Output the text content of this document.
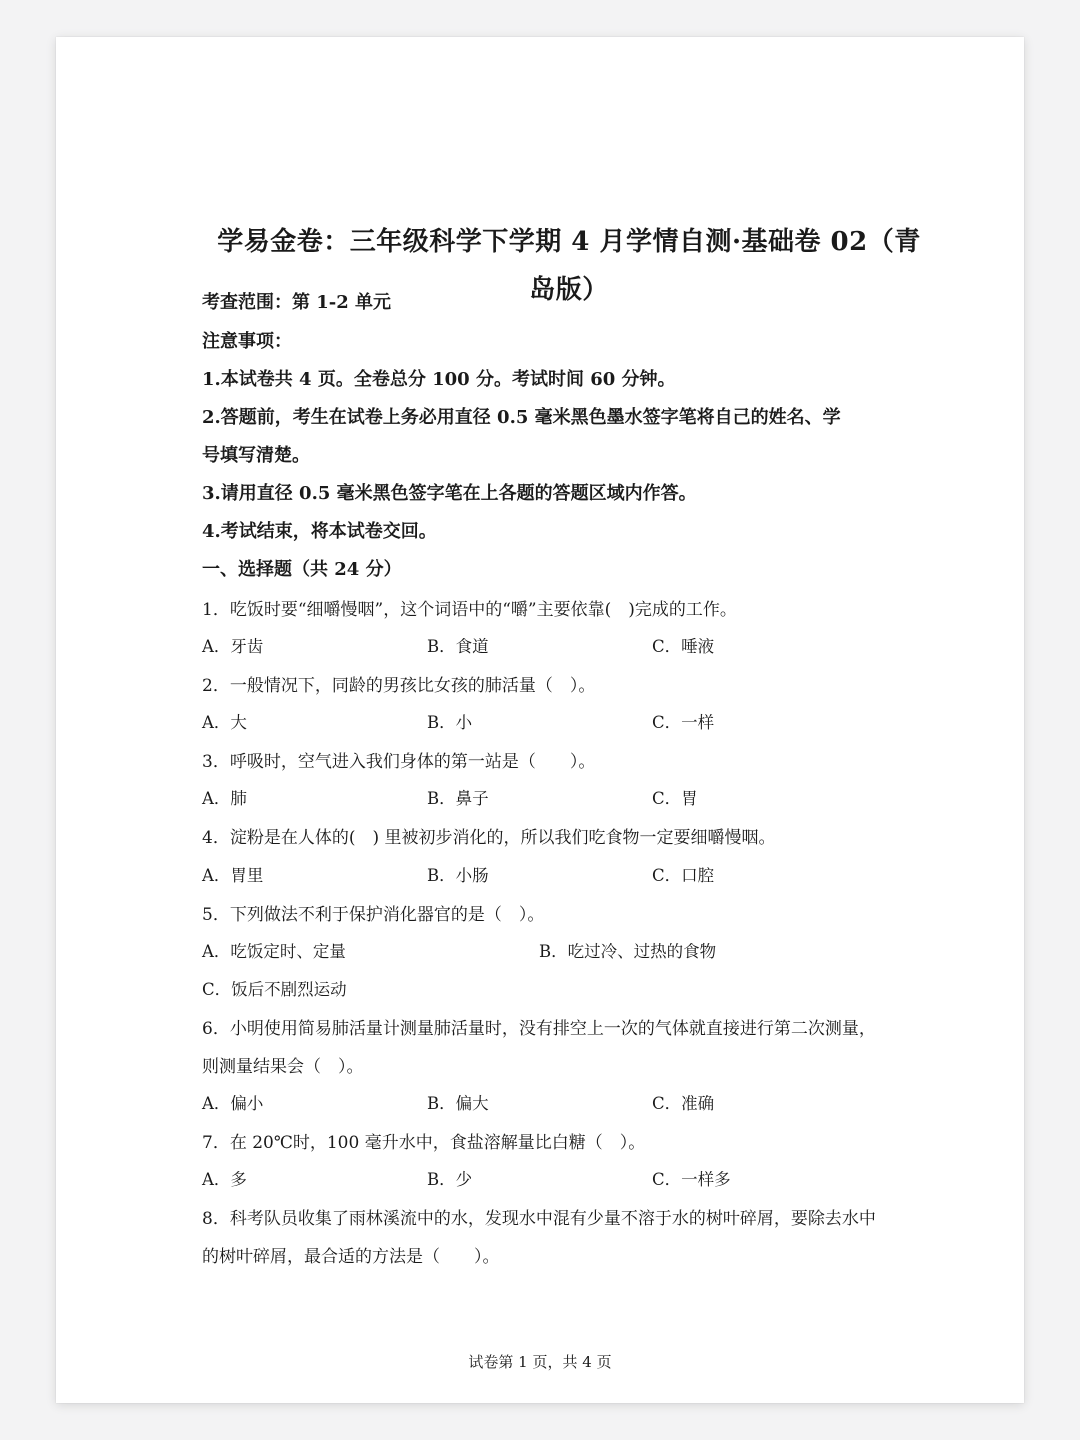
学易金卷：三年级科学下学期 4 月学情自测·基础卷 02（青
岛版）
考查范围：第 1-2 单元
注意事项：
1.本试卷共 4 页。全卷总分 100 分。考试时间 60 分钟。
2.答题前，考生在试卷上务必用直径 0.5 毫米黑色墨水签字笔将自己的姓名、学
号填写清楚。
3.请用直径 0.5 毫米黑色签字笔在上各题的答题区域内作答。
4.考试结束，将本试卷交回。
一、选择题（共 24 分）
1．吃饭时要“细嚼慢咽”，这个词语中的“嚼”主要依靠(　)完成的工作。
A．牙齿	B．食道	C．唾液
2．一般情况下，同龄的男孩比女孩的肺活量（　）。
A．大	B．小	C．一样
3．呼吸时，空气进入我们身体的第一站是（　　）。
A．肺	B．鼻子	C．胃
4．淀粉是在人体的(　) 里被初步消化的，所以我们吃食物一定要细嚼慢咽。
A．胃里	B．小肠	C．口腔
5．下列做法不利于保护消化器官的是（　）。
A．吃饭定时、定量	B．吃过冷、过热的食物
C．饭后不剧烈运动
6．小明使用简易肺活量计测量肺活量时，没有排空上一次的气体就直接进行第二次测量，
则测量结果会（　）。
A．偏小	B．偏大	C．准确
7．在 20℃时，100 毫升水中，食盐溶解量比白糖（　）。
A．多	B．少	C．一样多
8．科考队员收集了雨林溪流中的水，发现水中混有少量不溶于水的树叶碎屑，要除去水中
的树叶碎屑，最合适的方法是（　　）。
试卷第 1 页，共 4 页
